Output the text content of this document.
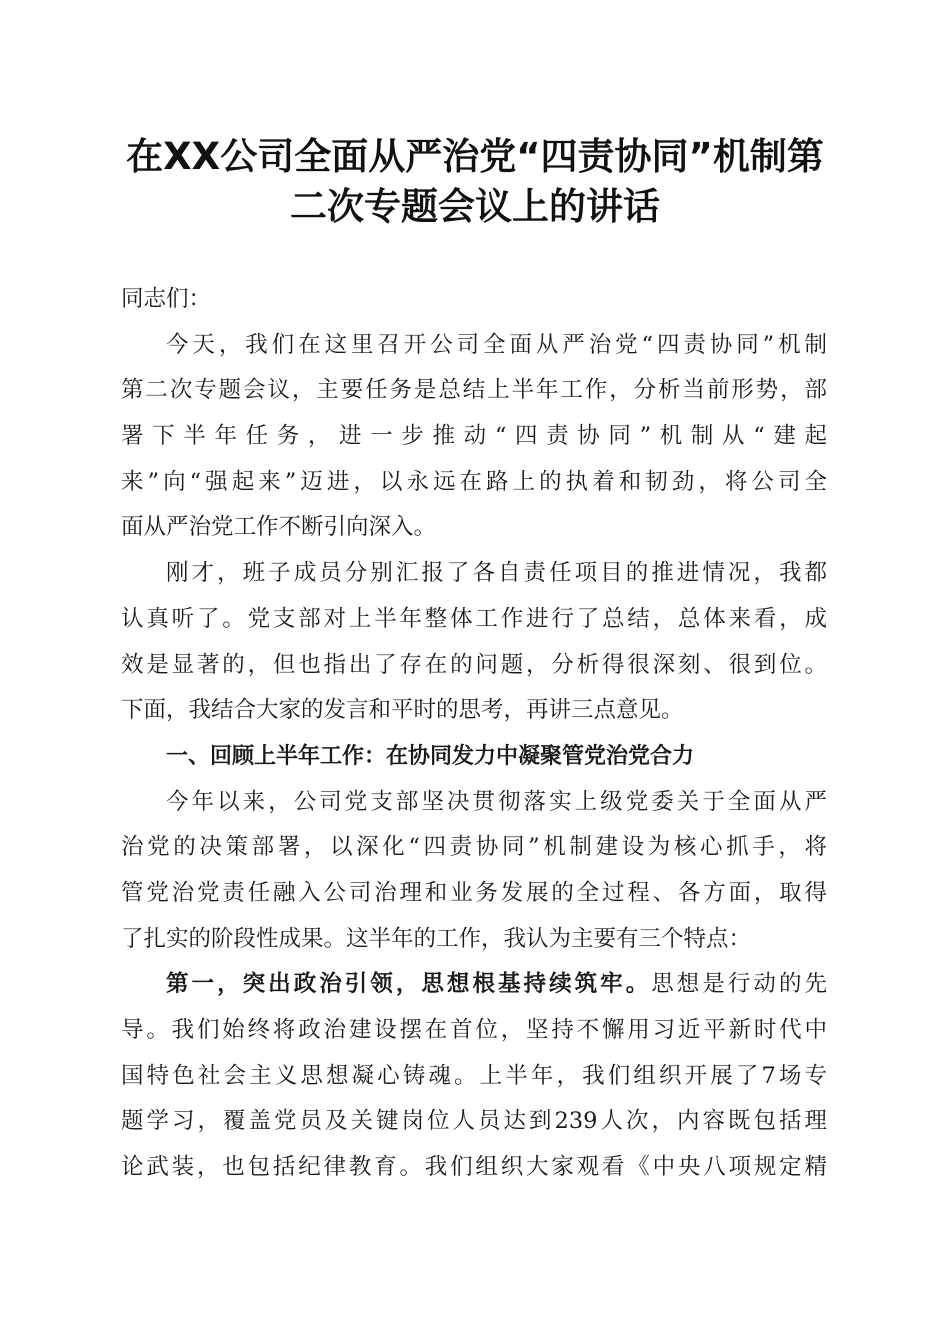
在XX公司全面从严治党“四责协同”机制第
二次专题会议上的讲话
同志们：
今天，我们在这里召开公司全面从严治党“四责协同”机制
第二次专题会议，主要任务是总结上半年工作，分析当前形势，部
署下半年任务，进一步推动“四责协同”机制从“建起
来”向“强起来”迈进，以永远在路上的执着和韧劲，将公司全
面从严治党工作不断引向深入。
刚才，班子成员分别汇报了各自责任项目的推进情况，我都
认真听了。党支部对上半年整体工作进行了总结，总体来看，成
效是显著的，但也指出了存在的问题，分析得很深刻、很到位。
下面，我结合大家的发言和平时的思考，再讲三点意见。
一、回顾上半年工作：在协同发力中凝聚管党治党合力
今年以来，公司党支部坚决贯彻落实上级党委关于全面从严
治党的决策部署，以深化“四责协同”机制建设为核心抓手，将
管党治党责任融入公司治理和业务发展的全过程、各方面，取得
了扎实的阶段性成果。这半年的工作，我认为主要有三个特点：
第一，突出政治引领，思想根基持续筑牢。思想是行动的先
导。我们始终将政治建设摆在首位，坚持不懈用习近平新时代中
国特色社会主义思想凝心铸魂。上半年，我们组织开展了7场专
题学习，覆盖党员及关键岗位人员达到239人次，内容既包括理
论武装，也包括纪律教育。我们组织大家观看《中央八项规定精
